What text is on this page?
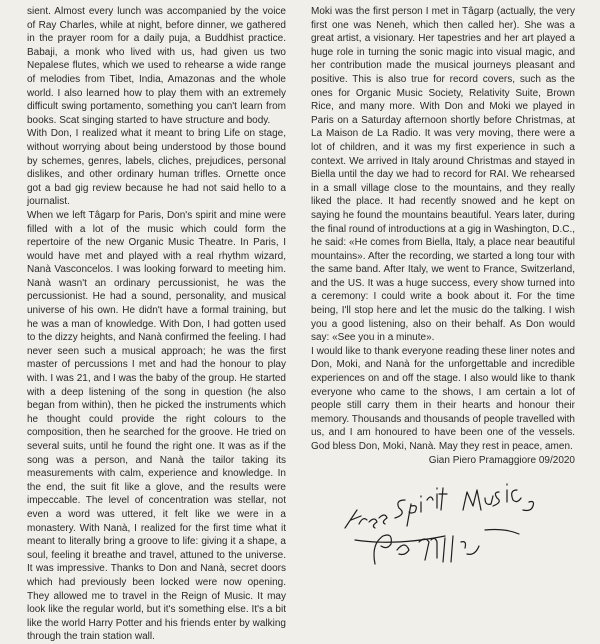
sient. Almost every lunch was accompanied by the voice of Ray Charles, while at night, before dinner, we gathered in the prayer room for a daily puja, a Buddhist practice. Babaji, a monk who lived with us, had given us two Nepalese flutes, which we used to rehearse a wide range of melodies from Tibet, India, Amazonas and the whole world. I also learned how to play them with an extremely difficult swing portamento, something you can't learn from books. Scat singing started to have structure and body.

With Don, I realized what it meant to bring Life on stage, without worrying about being understood by those bound by schemes, genres, labels, cliches, prejudices, personal dislikes, and other ordinary human trifles. Ornette once got a bad gig review because he had not said hello to a journalist.

When we left Tâgarp for Paris, Don's spirit and mine were filled with a lot of the music which could form the repertoire of the new Organic Music Theatre. In Paris, I would have met and played with a real rhythm wizard, Nanà Vasconcelos. I was looking forward to meeting him. Nanà wasn't an ordinary percussionist, he was the percussionist. He had a sound, personality, and musical universe of his own. He didn't have a formal training, but he was a man of knowledge. With Don, I had gotten used to the dizzy heights, and Nanà confirmed the feeling. I had never seen such a musical approach; he was the first master of percussions I met and had the honour to play with. I was 21, and I was the baby of the group. He started with a deep listening of the song in question (he also began from within), then he picked the instruments which he thought could provide the right colours to the composition, then he searched for the groove. He tried on several suits, until he found the right one. It was as if the song was a person, and Nanà the tailor taking its measurements with calm, experience and knowledge. In the end, the suit fit like a glove, and the results were impeccable. The level of concentration was stellar, not even a word was uttered, it felt like we were in a monastery. With Nanà, I realized for the first time what it meant to literally bring a groove to life: giving it a shape, a soul, feeling it breathe and travel, attuned to the universe. It was impressive. Thanks to Don and Nanà, secret doors which had previously been locked were now opening. They allowed me to travel in the Reign of Music. It may look like the regular world, but it's something else. It's a bit like the world Harry Potter and his friends enter by walking through the train station wall.

Moki was the first person I met in Tâgarp (actually, the very first one was Neneh, which then called her). She was a great artist, a visionary. Her tapestries and her art played a huge role in turning the sonic magic into visual magic, and her contribution made the musical journeys pleasant and positive. This is also true for record covers, such as the ones for Organic Music Society, Relativity Suite, Brown Rice, and many more. With Don and Moki we played in Paris on a Saturday afternoon shortly before Christmas, at La Maison de La Radio. It was very moving, there were a lot of children, and it was my first experience in such a context. We arrived in Italy around Christmas and stayed in Biella until the day we had to record for RAI. We rehearsed in a small village close to the mountains, and they really liked the place. It had recently snowed and he kept on saying he found the mountains beautiful. Years later, during the final round of introductions at a gig in Washington, D.C., he said: «He comes from Biella, Italy, a place near beautiful mountains». After the recording, we started a long tour with the same band. After Italy, we went to France, Switzerland, and the US. It was a huge success, every show turned into a ceremony: I could write a book about it. For the time being, I'll stop here and let the music do the talking. I wish you a good listening, also on their behalf. As Don would say: «See you in a minute».

I would like to thank everyone reading these liner notes and Don, Moki, and Nanà for the unforgettable and incredible experiences on and off the stage. I also would like to thank everyone who came to the shows, I am certain a lot of people still carry them in their hearts and honour their memory. Thousands and thousands of people travelled with us, and I am honoured to have been one of the vessels. God bless Don, Moki, Nanà. May they rest in peace, amen.

Gian Piero Pramaggiore 09/2020
